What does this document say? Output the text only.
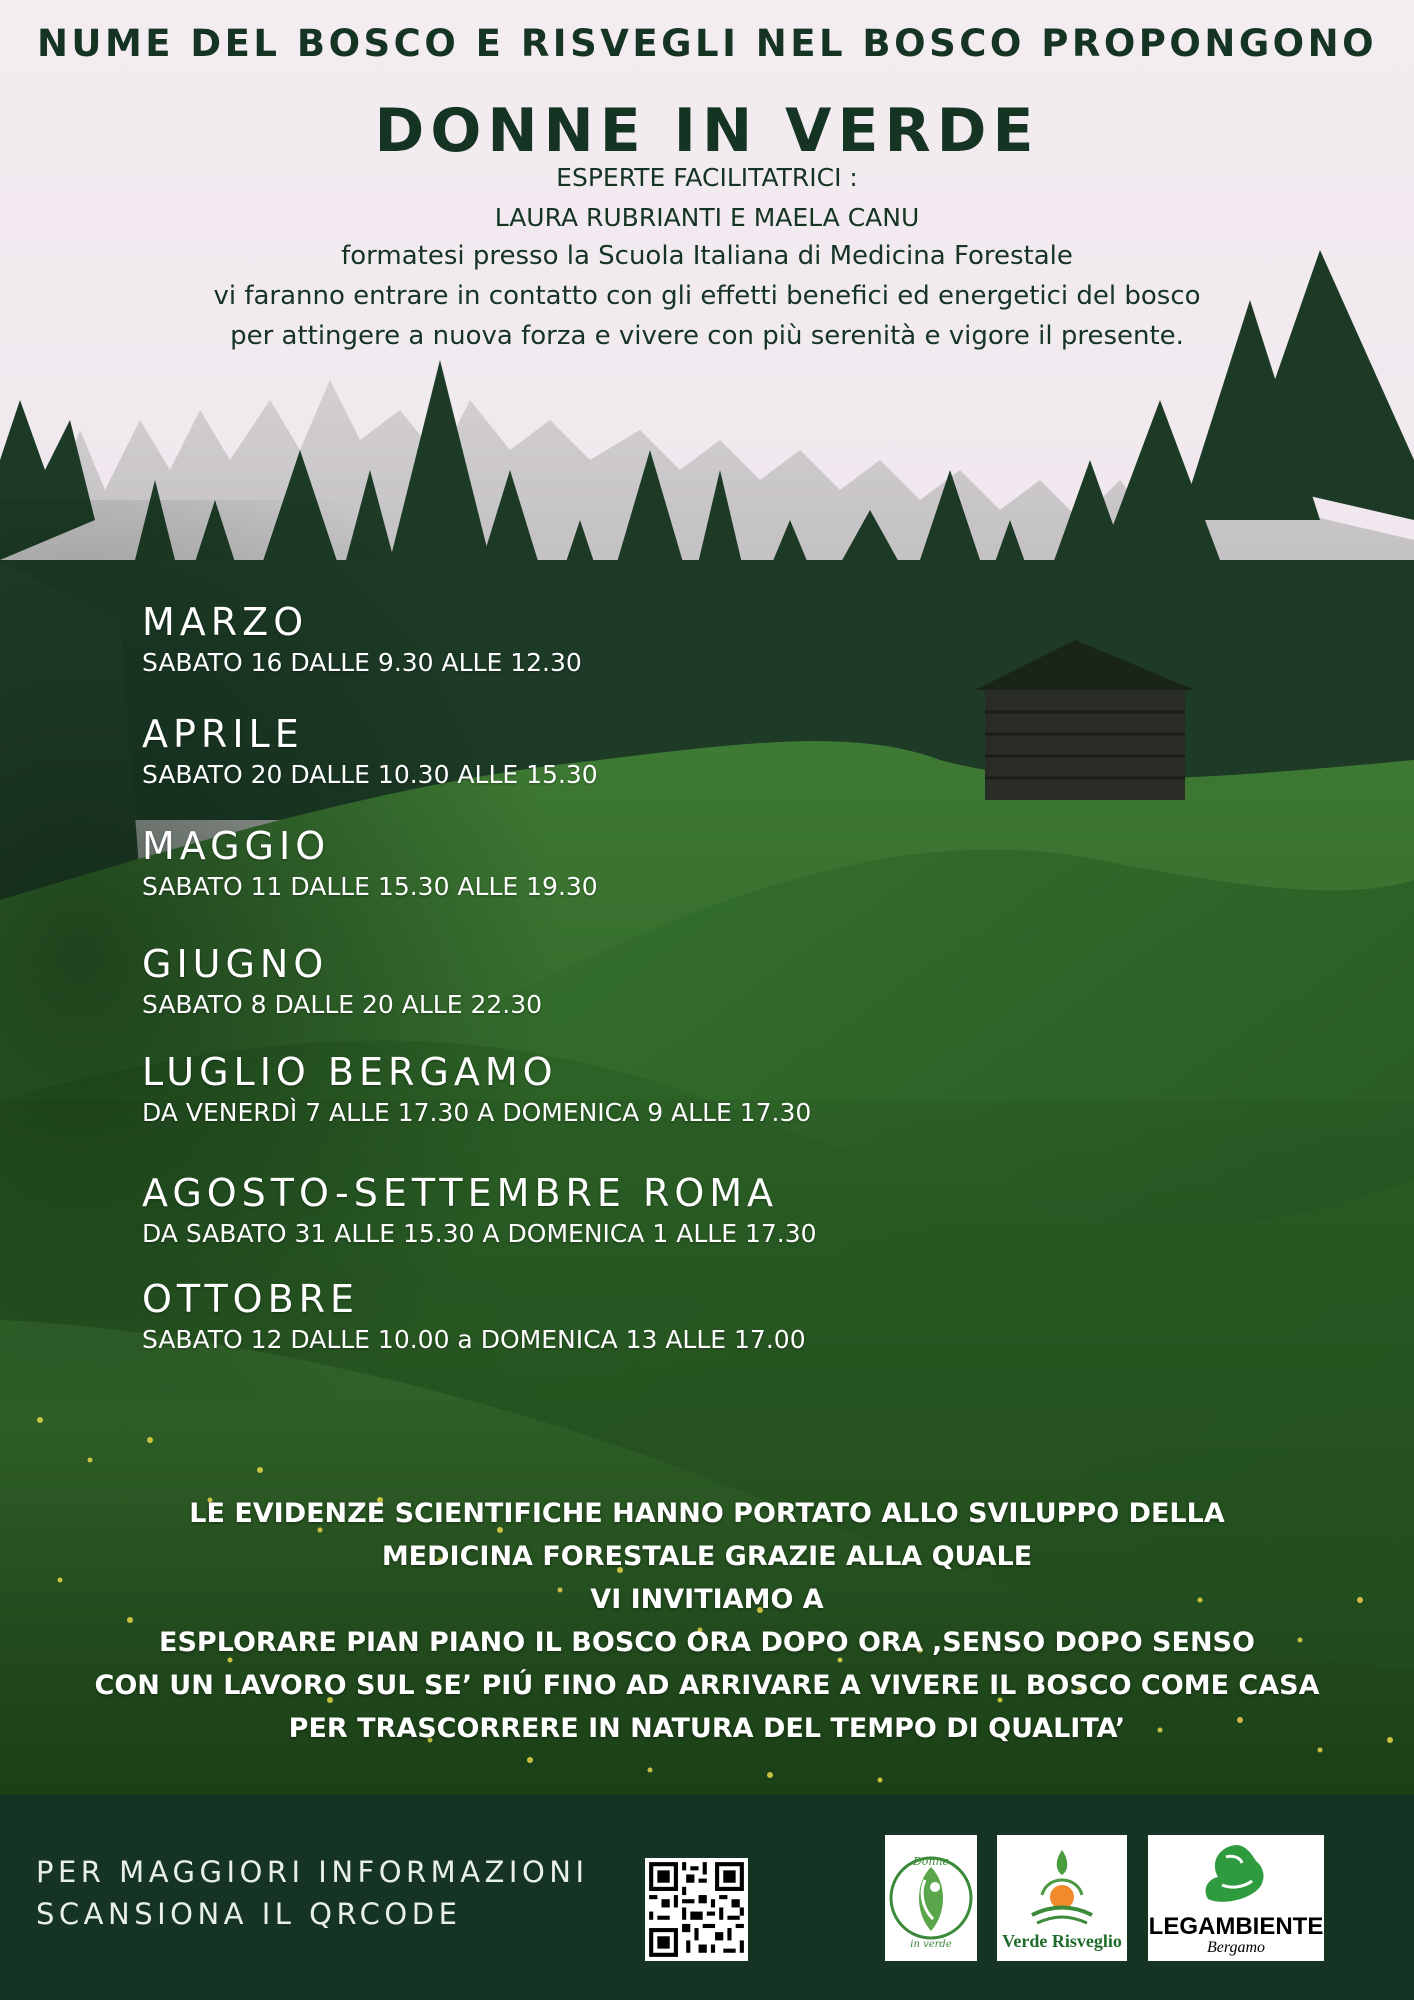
NUME DEL BOSCO E RISVEGLI NEL BOSCO PROPONGONO
DONNE IN VERDE
ESPERTE FACILITATRICI :
LAURA RUBRIANTI E MAELA CANU
formatesi presso la Scuola Italiana di Medicina Forestale
vi faranno entrare in contatto con gli effetti benefici ed energetici del bosco
per attingere a nuova forza e vivere con più serenità e vigore il presente.
MARZO
SABATO 16 DALLE 9.30 ALLE 12.30
APRILE
SABATO 20 DALLE 10.30 ALLE 15.30
MAGGIO
SABATO 11 DALLE 15.30 ALLE 19.30
GIUGNO
SABATO 8 DALLE 20 ALLE 22.30
LUGLIO BERGAMO
DA VENERDÌ 7 ALLE 17.30 A DOMENICA 9 ALLE 17.30
AGOSTO-SETTEMBRE ROMA
DA SABATO 31 ALLE 15.30 A DOMENICA 1 ALLE 17.30
OTTOBRE
SABATO 12 DALLE 10.00 a DOMENICA 13 ALLE 17.00
LE EVIDENZE SCIENTIFICHE HANNO PORTATO ALLO SVILUPPO DELLA
MEDICINA FORESTALE GRAZIE ALLA QUALE
VI INVITIAMO A
ESPLORARE PIAN PIANO IL BOSCO ORA DOPO ORA ,SENSO DOPO SENSO
CON UN LAVORO SUL SE’ PIÚ FINO AD ARRIVARE A VIVERE IL BOSCO COME CASA
PER TRASCORRERE IN NATURA DEL TEMPO DI QUALITA’
PER MAGGIORI INFORMAZIONI
SCANSIONA IL QRCODE
Donne
in verde	Verde Risveglio
LEGAMBIENTE
Bergamo
